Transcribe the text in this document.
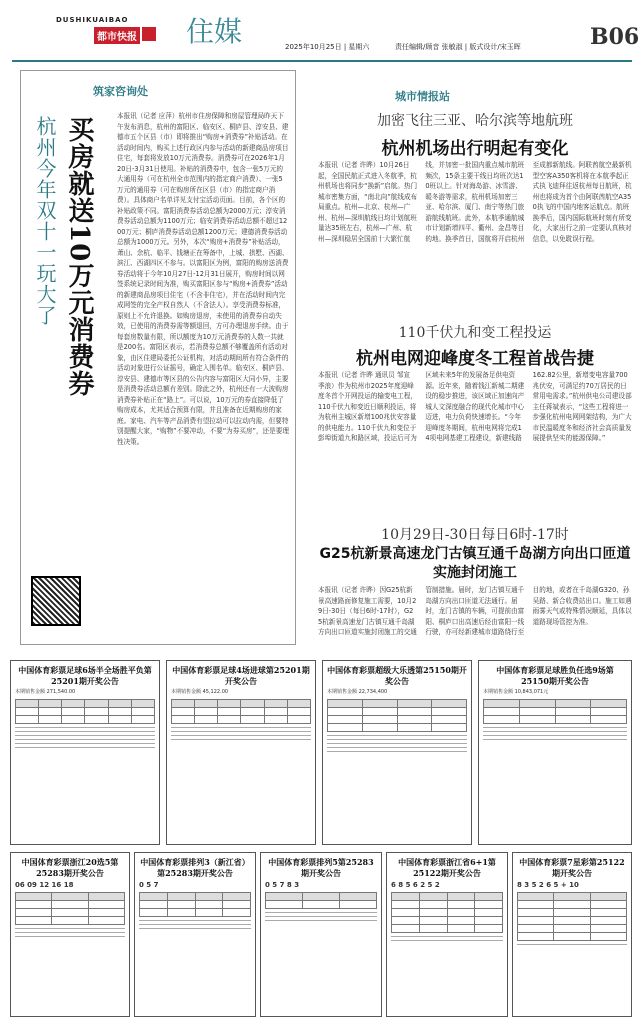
DUSHIKUAIBAO
都市快报 住媒	2025年10月25日 | 星期六	责任编辑/顾音 张敏淑 | 版式设计/宋玉晖	B06
筑家咨询处
买房就送10万元消费券
杭州今年双十一玩大了	本报讯（记者 应萍）杭州市住房保障和房屋管理局昨天下午发布消息，杭州的富阳区、临安区、桐庐县、淳安县、建德市五个区县（市）即将推出“购房+消费券”补贴活动。在活动时间内，购买上述行政区内参与活动的新建商品房项目住宅，每套将发放10万元消费券。消费券可在2026年1月20日-3月31日使用。补贴的消费券中，包含一张5万元的大通用券（可在杭州全市范围内的指定商户消费）、一张5万元的通用券（可在购房所在区县（市）的指定商户消费）。具体商户名单详见支付宝活动页面。目前，各个区的补贴政策不同。富阳消费券活动总额为2000万元；淳安消费券活动总额为1100万元；临安消费券活动总额不超过1200万元；桐庐消费券活动总额1200万元；建德消费券活动总额为1000万元。另外，本次“购房+消费券”补贴活动，萧山、余杭、临平、钱塘正在筹备中，上城、拱墅、西湖、滨江、西湖四区不参与。以富阳区为例，富阳的购房送消费券活动将于今年10月27日-12月31日展开，购房时间以网签系统记录时间为准，购买富阳区参与“购房+消费券”活动的新建商品房项目住宅（不含非住宅），并在活动时间内完成网签的完全产权自然人（不含法人）。享受消费券标准，原则上不允许退换。如购房退房，未使用的消费券自动失效，已使用的消费券需等额退回，方可办理退房手续。由于每套房数量有限，所以额度为10万元消费券的人数一共就是200名。富阳区表示，若消费券总额不够覆盖所有活动对象，由区住建局委托公证机构，对活动期间所有符合条件的活动对象进行公证摇号，确定入围名单。临安区、桐庐县、淳安县、建德市等区县的公告内容与富阳区大同小异，主要是消费券活动总额有差别。除此之外，杭州还有一大波购房消费券补贴正在“路上”。可以说，10万元的券直接降低了购房成本，尤其适合预算有限，并且准备在近期购房的家庭。家电、汽车等产品消费有望拉动可以拉动内需，但要特别提醒大家，“购物”不要冲动，不要“为券买房”，还是要理性决策。
城市情报站
加密飞往三亚、哈尔滨等地航班
杭州机场出行明起有变化
本报讯（记者 许晔）10月26日起，全国民航正式进入冬航季，杭州机场也将同步“换新”启航。热门城市密集方面，“南北向”航线成布局重点。杭州—北京、杭州—广州、杭州—深圳航线日均计划航班量达35班左右，杭州—广州、杭州—深圳稳居全国前十大繁忙航线，并加密一批国内重点城市航班频次，15条主要干线日均班次达10班以上。针对海岛游、冰雪游、暖冬游等需求，杭州机场加密三亚、哈尔滨、厦门、南宁等热门旅游航线航班。此外，本航季通航城市计划新增四平、衢州、金昌等目的地。换季首日，国航将开启杭州至成都新航线。阿联酋航空最新机型空客A350客机将在本航季起正式执飞迪拜往返杭州每日航班，杭州也将成为首个由阿联酋航空A350执飞的中国内地客运航点。航班换季后，国内国际航班时刻有所变化，大家出行之前一定要认真核对信息，以免耽误行程。
110千伏九和变工程投运
杭州电网迎峰度冬工程首战告捷
本报讯（记者 许晔 通讯员 邹宣 季浪）作为杭州市2025年度迎峰度冬首个开网投运的输变电工程，110千伏九和变近日顺利投运，将为杭州主城区新增100兆伏安容量的供电能力。110千伏九和变位于彭埠街道九和路区域，投运后可为区域未来5年的发展备足供电资源。近年来，随着钱江新城二期建设的稳步推进，该区域正加速向产城人文深度融合的现代化城市中心迈进，电力负荷快速增长。“今年迎峰度冬期间，杭州电网将完成14项电网基建工程建设，新建线路162.82公里，新增变电容量700兆伏安，可满足约70万居民的日常用电需求。”杭州供电公司建设部主任蒋斌表示，“这些工程将进一步强化杭州电网网架结构，为广大市民温暖度冬和经济社会高质量发展提供坚实的能源保障。”
10月29日-30日每日6时-17时
G25杭新景高速龙门古镇互通千岛湖方向出口匝道实施封闭施工
本报讯（记者 许晔）因G25杭新景高速路面修复施工需要，10月29日-30日（每日6时-17时），G25杭新景高速龙门古镇互通千岛湖方向出口匝道实施封闭施工的交通管制措施。届时，龙门古镇互通千岛湖方向出口匝道无法通行。届时，龙门古镇的车辆，可提前由富阳、桐庐口出高速后经由富阳一线行驶，亦可经新建城市道路绕行至目的地，或者在千岛湖G320、孙吴路、新合收费站出口。施工如遇雨雾天气或特殊情况顺延，具体以道路现场管控为准。
中国体育彩票足球6场半全场胜平负第25201期开奖公告
本期销售金额 271,540.00

中国体育彩票足球4场进球第25201期开奖公告
本期销售金额 45,122.00

中国体育彩票超级大乐透第25150期开奖公告
本期销售金额 22,734,400

中国体育彩票足球胜负任选9场第25150期开奖公告
本期销售金额 10,843,071元

中国体育彩票浙江20选5第25283期开奖公告
06 09 12 16 18

中国体育彩票排列3（新江省）第25283期开奖公告
0 5 7

中国体育彩票排列5第25283期开奖公告
0 5 7 8 3

中国体育彩票浙江省6+1第25122期开奖公告
6 8 5 6 2 5 2

中国体育彩票7星彩第25122期开奖公告
8 3 5 2 6 5 + 10
